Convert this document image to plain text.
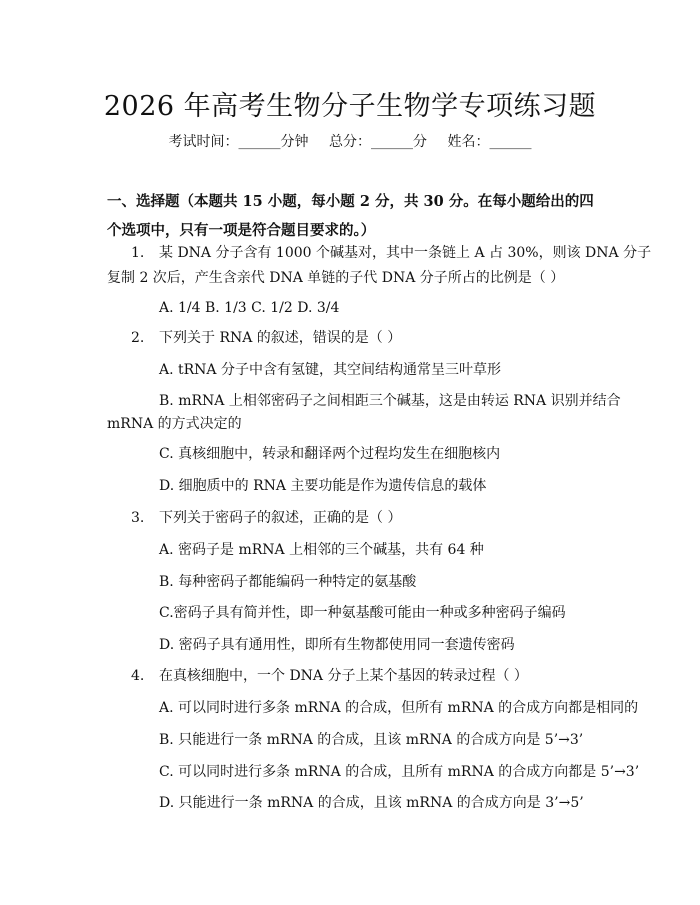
2026 年高考生物分子生物学专项练习题
考试时间：______分钟 总分：______分 姓名：______
一、选择题（本题共 15 小题，每小题 2 分，共 30 分。在每小题给出的四个选项中，只有一项是符合题目要求的。）
1. 某 DNA 分子含有 1000 个碱基对，其中一条链上 A 占 30%，则该 DNA 分子
复制 2 次后，产生含亲代 DNA 单链的子代 DNA 分子所占的比例是（ ）
A. 1/4 B. 1/3 C. 1/2 D. 3/4
2. 下列关于 RNA 的叙述，错误的是（ ）
A. tRNA 分子中含有氢键，其空间结构通常呈三叶草形
B. mRNA 上相邻密码子之间相距三个碱基，这是由转运 RNA 识别并结合
mRNA 的方式决定的
C. 真核细胞中，转录和翻译两个过程均发生在细胞核内
D. 细胞质中的 RNA 主要功能是作为遗传信息的载体
3. 下列关于密码子的叙述，正确的是（ ）
A. 密码子是 mRNA 上相邻的三个碱基，共有 64 种
B. 每种密码子都能编码一种特定的氨基酸
C.密码子具有简并性，即一种氨基酸可能由一种或多种密码子编码
D. 密码子具有通用性，即所有生物都使用同一套遗传密码
4. 在真核细胞中，一个 DNA 分子上某个基因的转录过程（ ）
A. 可以同时进行多条 mRNA 的合成，但所有 mRNA 的合成方向都是相同的
B. 只能进行一条 mRNA 的合成，且该 mRNA 的合成方向是 5’→3’
C. 可以同时进行多条 mRNA 的合成，且所有 mRNA 的合成方向都是 5’→3’
D. 只能进行一条 mRNA 的合成，且该 mRNA 的合成方向是 3’→5’
